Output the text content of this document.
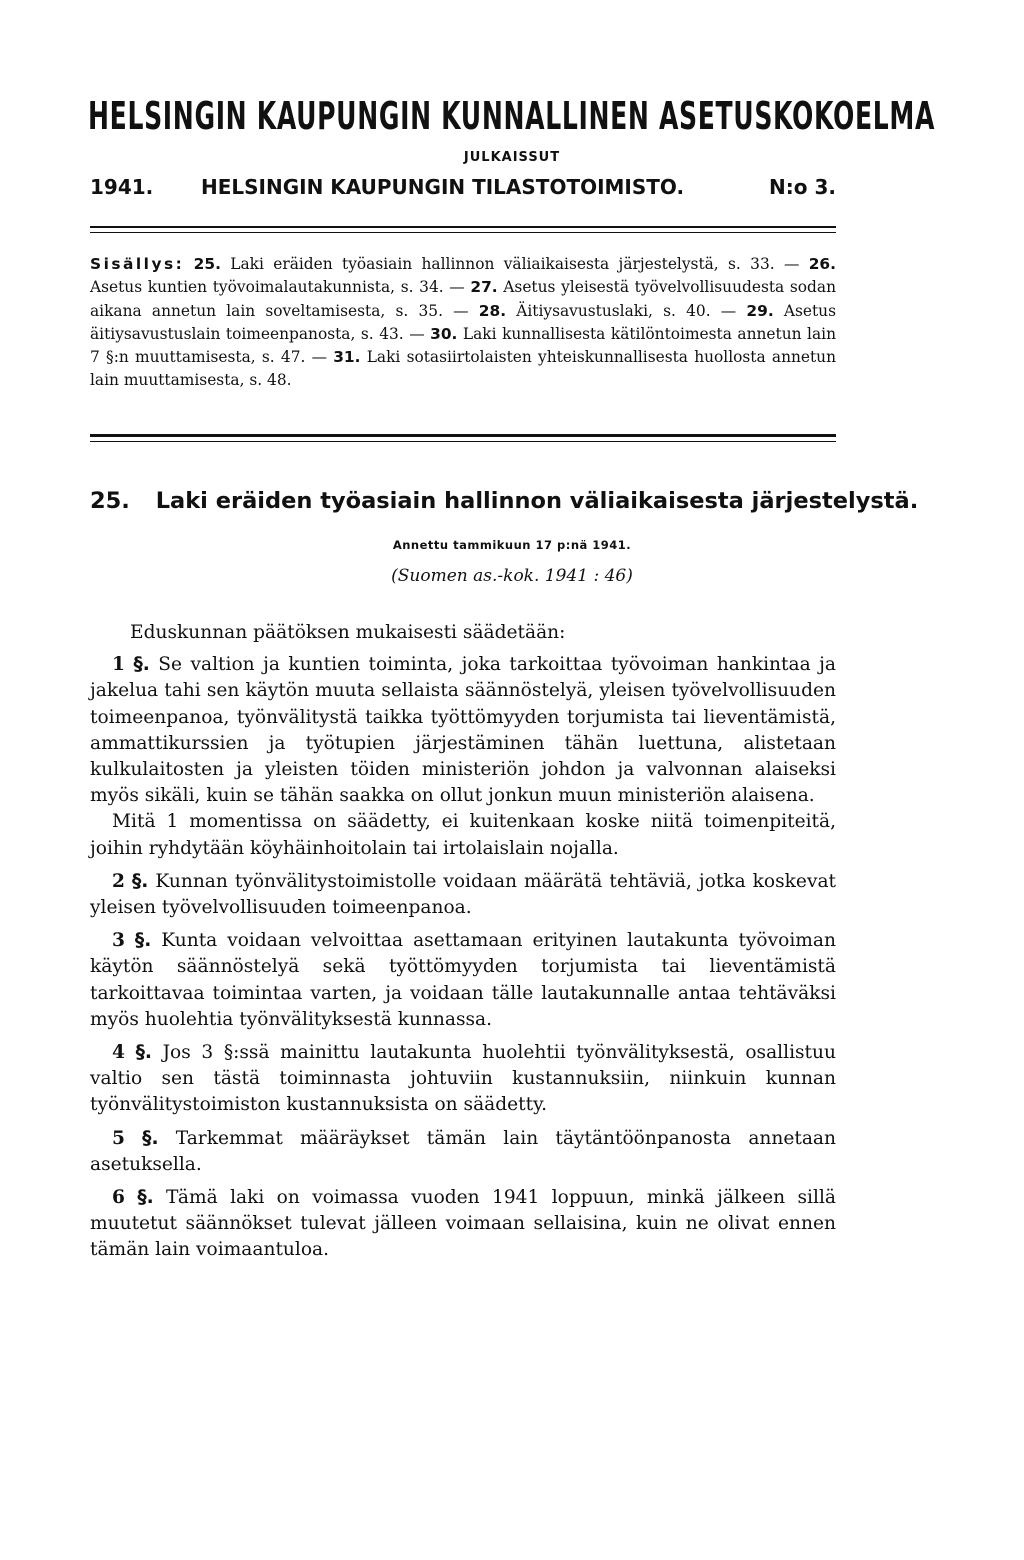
HELSINGIN KAUPUNGIN KUNNALLINEN ASETUSKOKOELMA
JULKAISSUT
1941. HELSINGIN KAUPUNGIN TILASTOTOIMISTO.	N:o 3.
Sisällys: 25. Laki eräiden työasiain hallinnon väliaikaisesta järjestelystä, s. 33. — 26. Asetus kuntien työvoimalautakunnista, s. 34. — 27. Asetus yleisestä työvelvollisuudesta sodan aikana annetun lain soveltamisesta, s. 35. — 28. Äitiysavustuslaki, s. 40. — 29. Asetus äitiysavustuslain toimeenpanosta, s. 43. — 30. Laki kunnallisesta kätilöntoimesta annetun lain 7 §:n muuttamisesta, s. 47. — 31. Laki sotasiirtolaisten yhteiskunnallisesta huollosta annetun lain muuttamisesta, s. 48.
25. Laki eräiden työasiain hallinnon väliaikaisesta järjestelystä.
Annettu tammikuun 17 p:nä 1941.
(Suomen as.-kok. 1941 : 46)

Eduskunnan päätöksen mukaisesti säädetään:

1 §. Se valtion ja kuntien toiminta, joka tarkoittaa työvoiman hankintaa ja jakelua tahi sen käytön muuta sellaista säännöstelyä, yleisen työvelvollisuuden toimeenpanoa, työnvälitystä taikka työttömyyden torjumista tai lieventämistä, ammattikurssien ja työtupien järjestäminen tähän luettuna, alistetaan kulkulaitosten ja yleisten töiden ministeriön johdon ja valvonnan alaiseksi myös sikäli, kuin se tähän saakka on ollut jonkun muun ministeriön alaisena.

Mitä 1 momentissa on säädetty, ei kuitenkaan koske niitä toimenpiteitä, joihin ryhdytään köyhäinhoitolain tai irtolaislain nojalla.

2 §. Kunnan työnvälitystoimistolle voidaan määrätä tehtäviä, jotka koskevat yleisen työvelvollisuuden toimeenpanoa.

3 §. Kunta voidaan velvoittaa asettamaan erityinen lautakunta työvoiman käytön säännöstelyä sekä työttömyyden torjumista tai lieventämistä tarkoittavaa toimintaa varten, ja voidaan tälle lautakunnalle antaa tehtäväksi myös huolehtia työnvälityksestä kunnassa.

4 §. Jos 3 §:ssä mainittu lautakunta huolehtii työnvälityksestä, osallistuu valtio sen tästä toiminnasta johtuviin kustannuksiin, niinkuin kunnan työnvälitystoimiston kustannuksista on säädetty.

5 §. Tarkemmat määräykset tämän lain täytäntöönpanosta annetaan asetuksella.

6 §. Tämä laki on voimassa vuoden 1941 loppuun, minkä jälkeen sillä muutetut säännökset tulevat jälleen voimaan sellaisina, kuin ne olivat ennen tämän lain voimaantuloa.
